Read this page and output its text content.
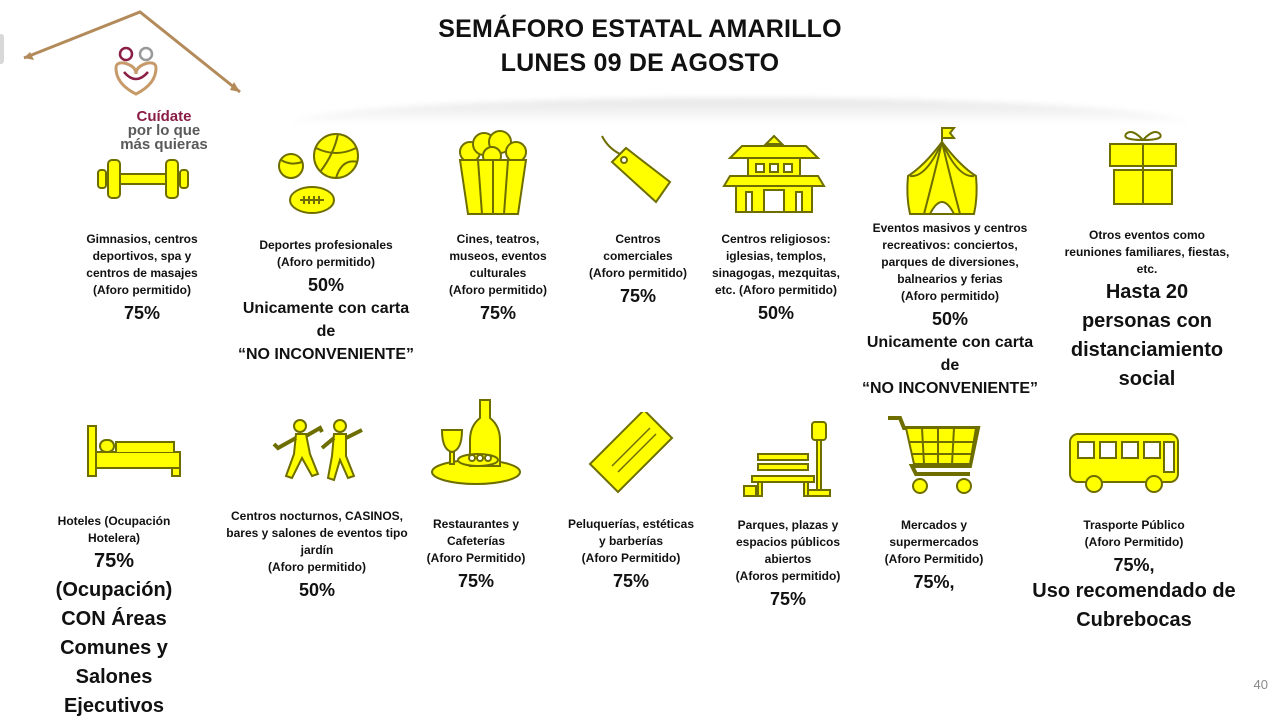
Cuídate
por lo que
más quieras
SEMÁFORO ESTATAL AMARILLO
LUNES 09 DE AGOSTO
Gimnasios, centros
deportivos, spa y
centros de masajes
(Aforo permitido)
75%
Deportes profesionales
(Aforo permitido)
50%
Unicamente con carta
de
“NO INCONVENIENTE”
Cines, teatros,
museos, eventos
culturales
(Aforo permitido)
75%
Centros
comerciales
(Aforo permitido)
75%
Centros religiosos:
iglesias, templos,
sinagogas, mezquitas,
etc. (Aforo permitido)
50%
Eventos masivos y centros
recreativos: conciertos,
parques de diversiones,
balnearios y ferias
(Aforo permitido)
50%
Unicamente con carta
de
“NO INCONVENIENTE”
Otros eventos como
reuniones familiares, fiestas,
etc.
Hasta 20
personas con
distanciamiento
social
Hoteles (Ocupación
Hotelera)
75% (Ocupación)
CON Áreas
Comunes y
Salones
Ejecutivos
Centros nocturnos, CASINOS,
bares y salones de eventos tipo
jardín
(Aforo permitido)
50%
Restaurantes y
Cafeterías
(Aforo Permitido)
75%
Peluquerías, estéticas
y barberías
(Aforo Permitido)
75%
Parques, plazas y
espacios públicos
abiertos
(Aforos permitido)
75%
Mercados y
supermercados
(Aforo Permitido)
75%,
Trasporte Público
(Aforo Permitido)
75%,
Uso recomendado de
Cubrebocas
40
